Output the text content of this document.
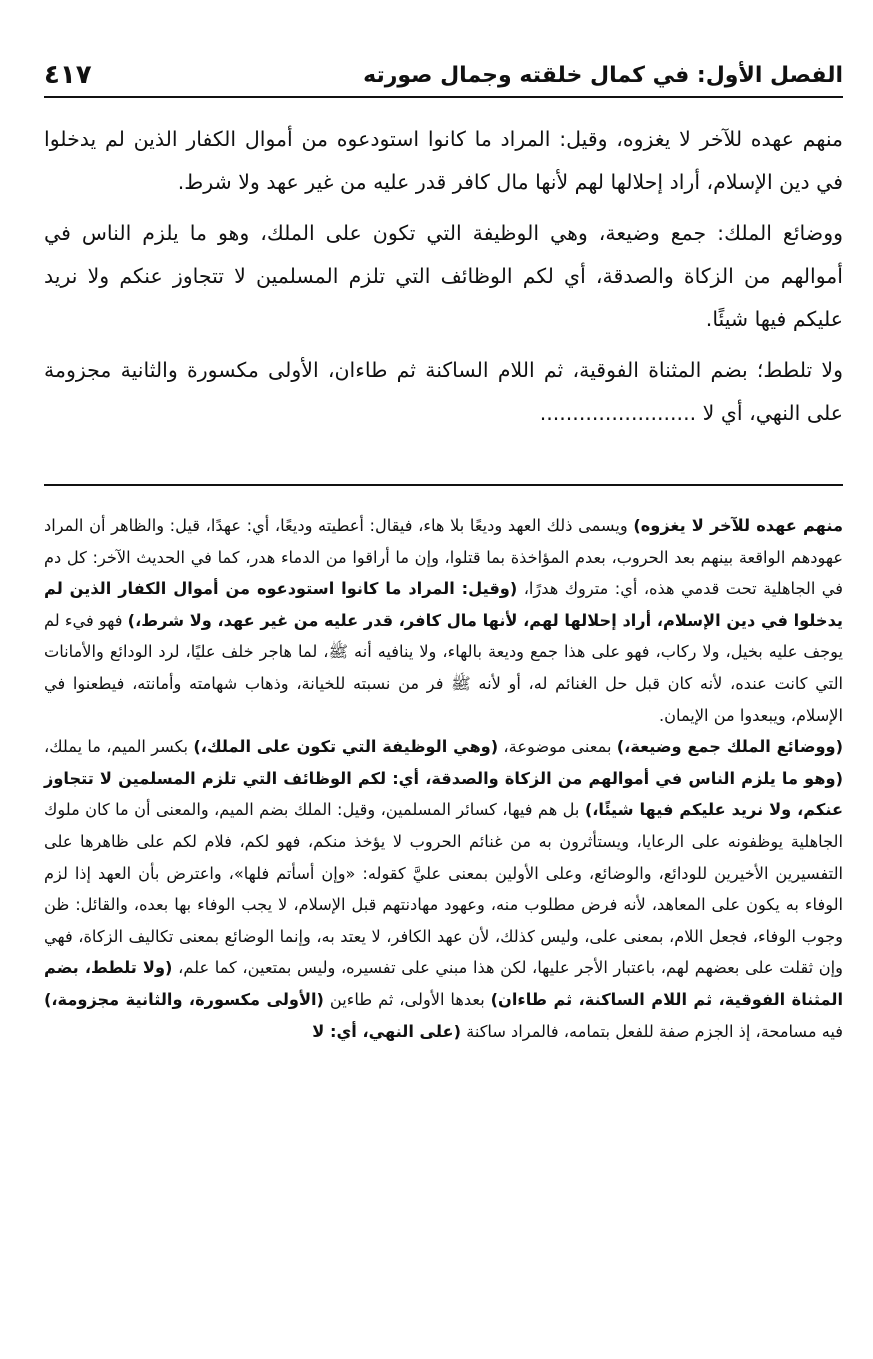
الفصل الأول: في كمال خلقته وجمال صورته
٤١٧

منهم عهده للآخر لا يغزوه، وقيل: المراد ما كانوا استودعوه من أموال الكفار الذين لم يدخلوا في دين الإسلام، أراد إحلالها لهم لأنها مال كافر قدر عليه من غير عهد ولا شرط.

ووضائع الملك: جمع وضيعة، وهي الوظيفة التي تكون على الملك، وهو ما يلزم الناس في أموالهم من الزكاة والصدقة، أي لكم الوظائف التي تلزم المسلمين لا تتجاوز عنكم ولا نريد عليكم فيها شيئًا.

ولا تلطط؛ بضم المثناة الفوقية، ثم اللام الساكنة ثم طاءان، الأولى مكسورة والثانية مجزومة على النهي، أي لا ........................

منهم عهده للآخر لا يغزوه) ويسمى ذلك العهد وديعًا بلا هاء، فيقال: أعطيته وديعًا، أي: عهدًا، قيل: والظاهر أن المراد عهودهم الواقعة بينهم بعد الحروب، بعدم المؤاخذة بما قتلوا، وإن ما أراقوا من الدماء هدر، كما في الحديث الآخر: كل دم في الجاهلية تحت قدمي هذه، أي: متروك هدرًا، (وقيل: المراد ما كانوا استودعوه من أموال الكفار الذين لم يدخلوا في دين الإسلام، أراد إحلالها لهم، لأنها مال كافر، قدر عليه من غير عهد، ولا شرط،) فهو فيء لم يوجف عليه بخيل، ولا ركاب، فهو على هذا جمع وديعة بالهاء، ولا ينافيه أنه ﷺ، لما هاجر خلف عليًا، لرد الودائع والأمانات التي كانت عنده، لأنه كان قبل حل الغنائم له، أو لأنه ﷺ فر من نسبته للخيانة، وذهاب شهامته وأمانته، فيطعنوا في الإسلام، ويبعدوا من الإيمان.

(ووضائع الملك جمع وضيعة،) بمعنى موضوعة، (وهي الوظيفة التي تكون على الملك،) بكسر الميم، ما يملك، (وهو ما يلزم الناس في أموالهم من الزكاة والصدقة، أي: لكم الوظائف التي تلزم المسلمين لا تتجاوز عنكم، ولا نريد عليكم فيها شيئًا،) بل هم فيها، كسائر المسلمين، وقيل: الملك بضم الميم، والمعنى أن ما كان ملوك الجاهلية يوظفونه على الرعايا، ويستأثرون به من غنائم الحروب لا يؤخذ منكم، فهو لكم، فلام لكم على ظاهرها على التفسيرين الأخيرين للودائع، والوضائع، وعلى الأولين بمعنى عليَّ كقوله: «وإن أسأتم فلها»، واعترض بأن العهد إذا لزم الوفاء به يكون على المعاهد، لأنه فرض مطلوب منه، وعهود مهادنتهم قبل الإسلام، لا يجب الوفاء بها بعده، والقائل: ظن وجوب الوفاء، فجعل اللام، بمعنى على، وليس كذلك، لأن عهد الكافر، لا يعتد به، وإنما الوضائع بمعنى تكاليف الزكاة، فهي وإن ثقلت على بعضهم لهم، باعتبار الأجر عليها، لكن هذا مبني على تفسيره، وليس بمتعين، كما علم، (ولا تلطط، بضم المثناة الفوقية، ثم اللام الساكنة، ثم طاءان) بعدها الأولى، ثم طاءين (الأولى مكسورة، والثانية مجزومة،) فيه مسامحة، إذ الجزم صفة للفعل بتمامه، فالمراد ساكنة (على النهي، أي: لا
